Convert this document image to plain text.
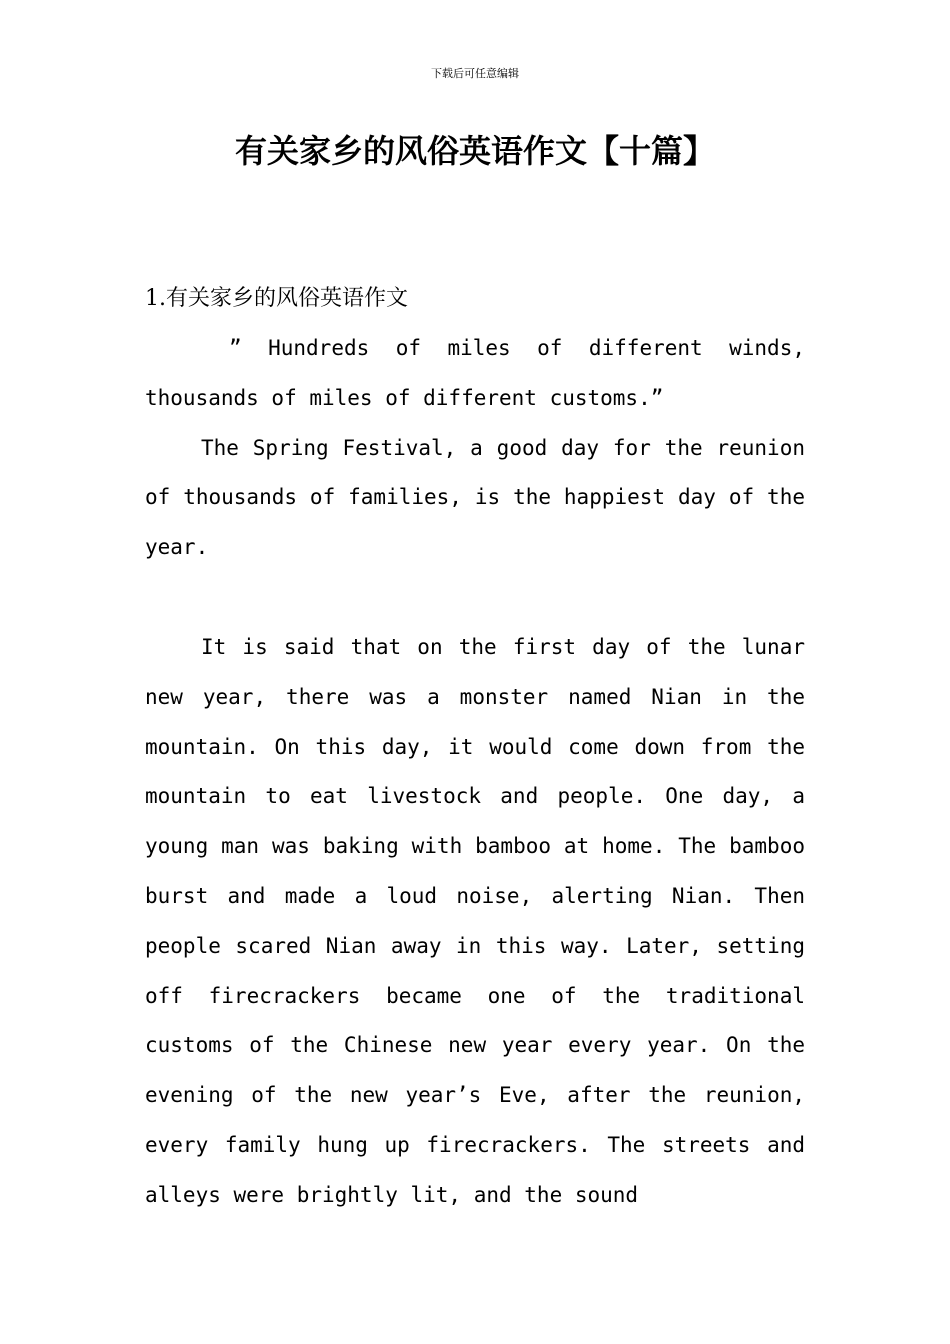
下载后可任意编辑
有关家乡的风俗英语作文【十篇】
1.有关家乡的风俗英语作文

” Hundreds of miles of different winds, thousands of miles of different customs.”

The Spring Festival, a good day for the reunion of thousands of families, is the happiest day of the year.

It is said that on the first day of the lunar new year, there was a monster named Nian in the mountain. On this day, it would come down from the mountain to eat livestock and people. One day, a young man was baking with bamboo at home. The bamboo burst and made a loud noise, alerting Nian. Then people scared Nian away in this way. Later, setting off firecrackers became one of the traditional customs of the Chinese new year every year. On the evening of the new year’s Eve, after the reunion, every family hung up firecrackers. The streets and alleys were brightly lit, and the sound
